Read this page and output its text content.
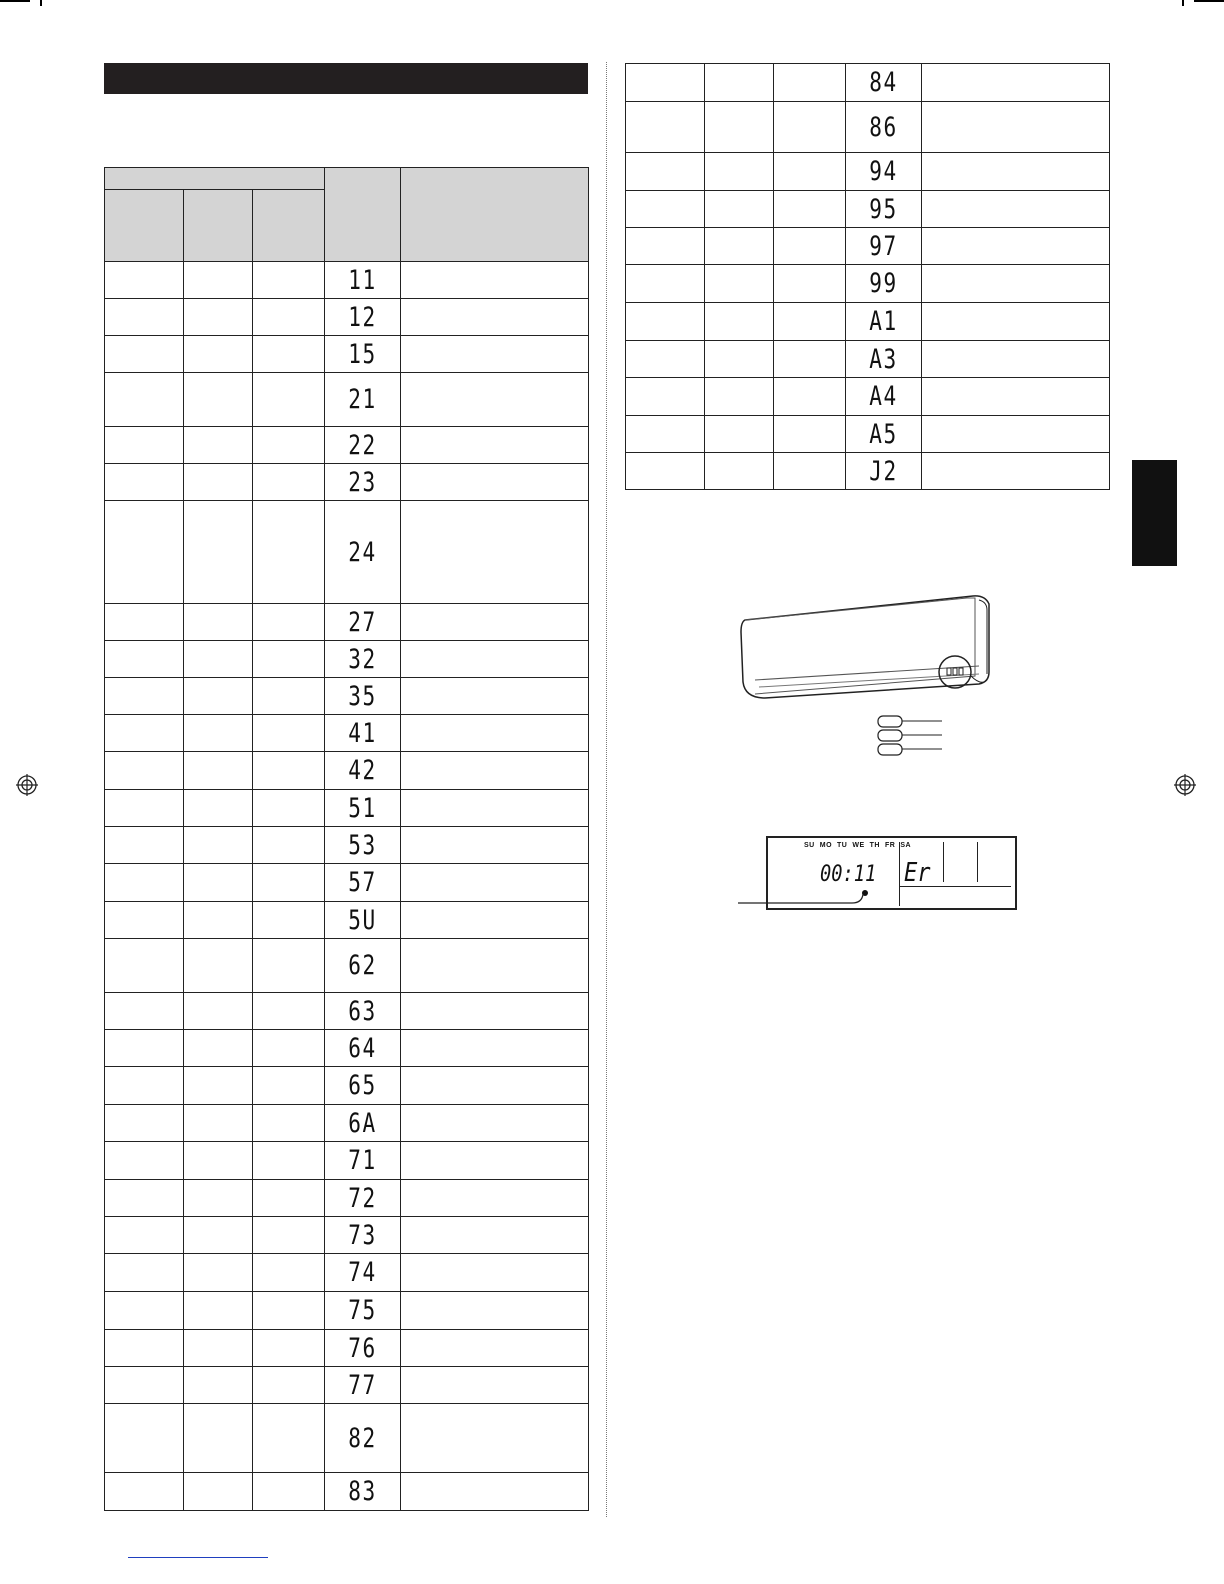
			11	

			12	

			15	

			21	

			22	

			23	

			24	

			27	

			32	

			35	

			41	

			42	

			51	

			53	

			57	

			5U	

			62	

			63	

			64	

			65	

			6A	

			71	

			72	

			73	

			74	

			75	

			76	

			77	

			82	

			83	

			84	

			86	

			94	

			95	

			97	

			99	

			A1	

			A3	

			A4	

			A5	

			J2	

SU MO TU WE TH FR SA
00:11 Er
